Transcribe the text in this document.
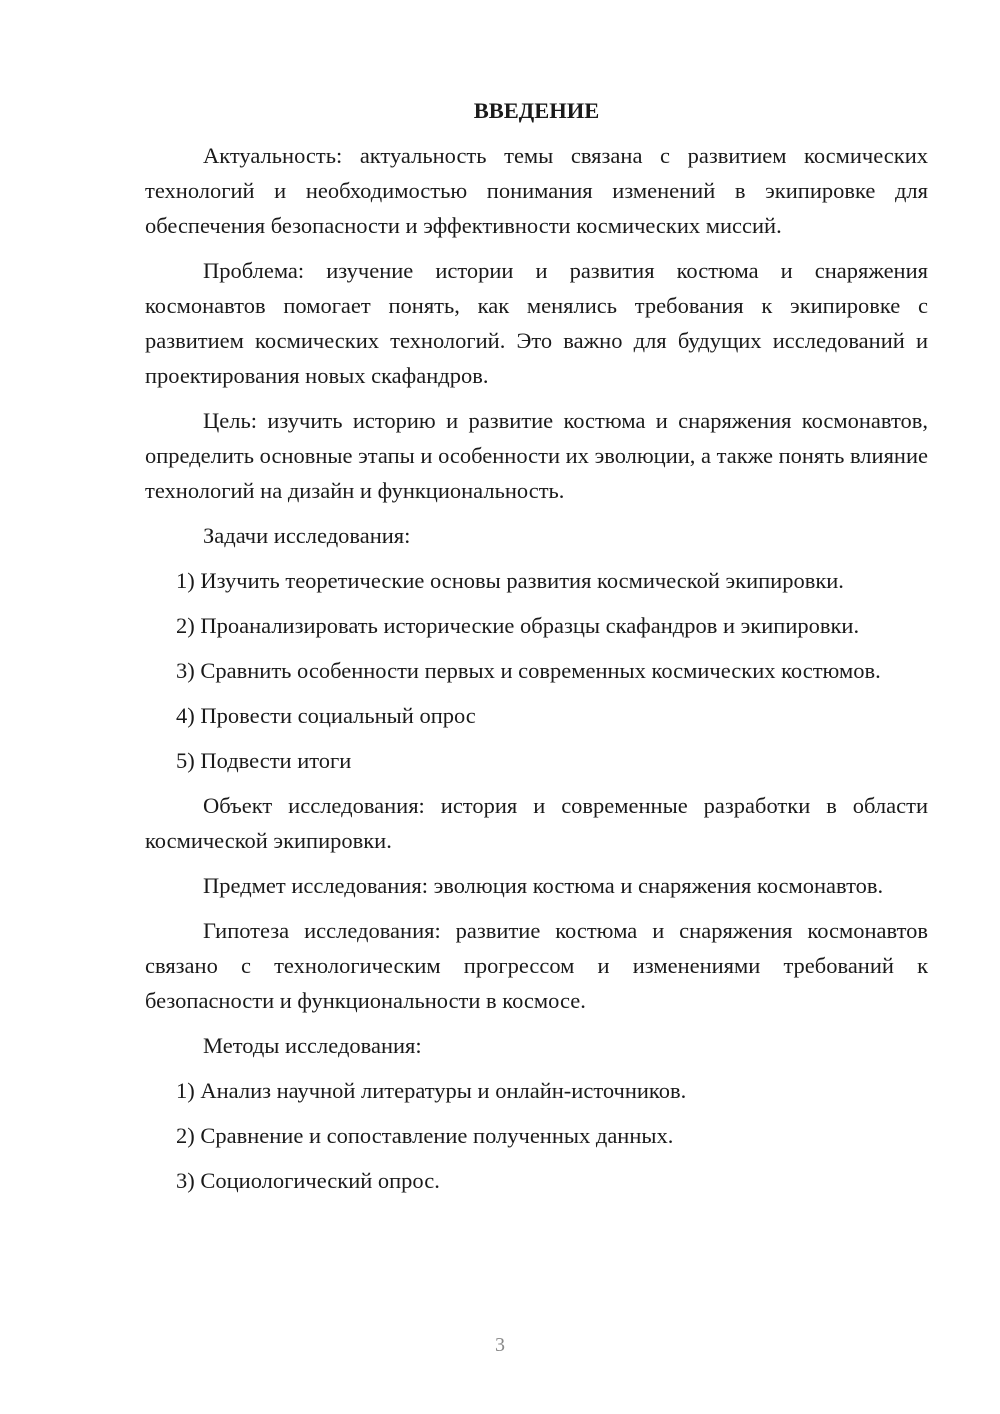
ВВЕДЕНИЕ

Актуальность: актуальность темы связана с развитием космических технологий и необходимостью понимания изменений в экипировке для обеспечения безопасности и эффективности космических миссий.

Проблема: изучение истории и развития костюма и снаряжения космонавтов помогает понять, как менялись требования к экипировке с развитием космических технологий. Это важно для будущих исследований и проектирования новых скафандров.

Цель: изучить историю и развитие костюма и снаряжения космонавтов, определить основные этапы и особенности их эволюции, а также понять влияние технологий на дизайн и функциональность.

Задачи исследования:

1) Изучить теоретические основы развития космической экипировки.

2) Проанализировать исторические образцы скафандров и экипировки.

3) Сравнить особенности первых и современных космических костюмов.

4) Провести социальный опрос

5) Подвести итоги

Объект исследования: история и современные разработки в области космической экипировки.

Предмет исследования: эволюция костюма и снаряжения космонавтов.

Гипотеза исследования: развитие костюма и снаряжения космонавтов связано с технологическим прогрессом и изменениями требований к безопасности и функциональности в космосе.

Методы исследования:

1) Анализ научной литературы и онлайн-источников.

2) Сравнение и сопоставление полученных данных.

3) Социологический опрос.

3
